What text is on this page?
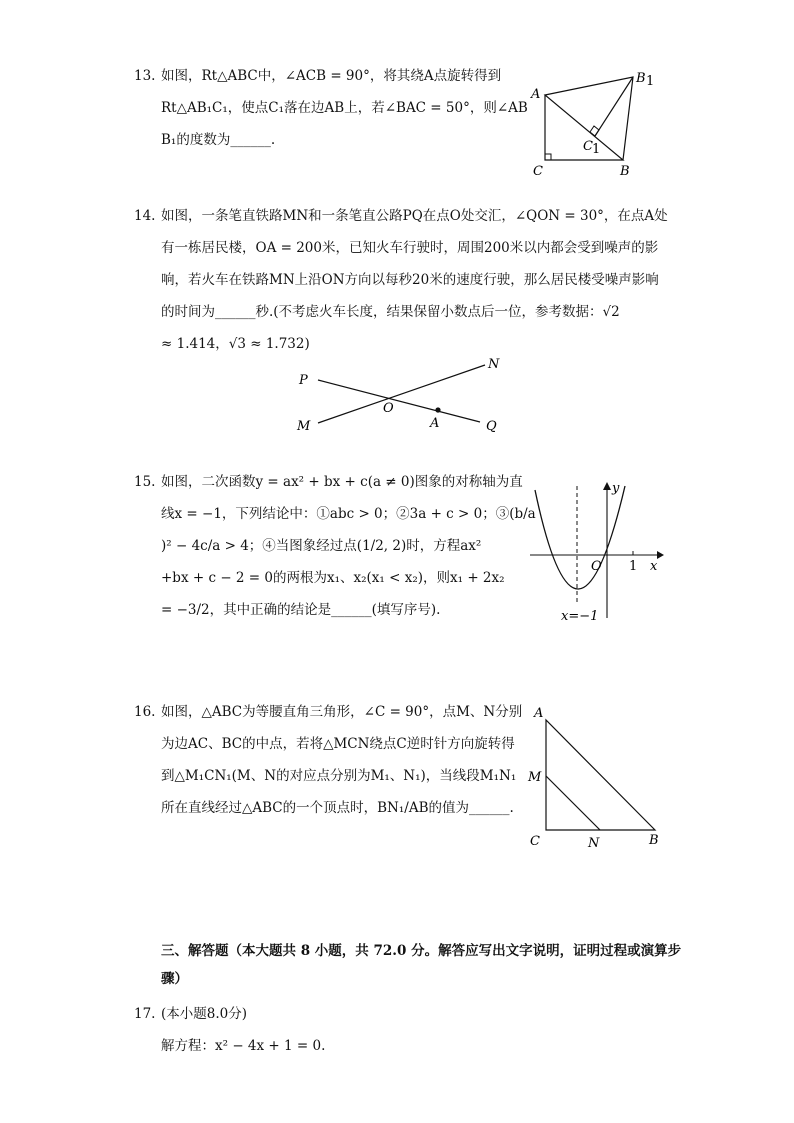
13. 如图，Rt△ABC中，∠ACB = 90°，将其绕A点旋转得到
Rt△AB₁C₁，使点C₁落在边AB上，若∠BAC = 50°，则∠AB
B₁的度数为______.
A
B 1
C	B
C 1
14. 如图，一条笔直铁路MN和一条笔直公路PQ在点O处交汇，∠QON = 30°，在点A处
有一栋居民楼，OA = 200米，已知火车行驶时，周围200米以内都会受到噪声的影
响，若火车在铁路MN上沿ON方向以每秒20米的速度行驶，那么居民楼受噪声影响
的时间为______秒.(不考虑火车长度，结果保留小数点后一位，参考数据：√2
≈ 1.414，√3 ≈ 1.732)
P
N
M
O
A	Q
15. 如图，二次函数y = ax² + bx + c(a ≠ 0)图象的对称轴为直
线x = −1，下列结论中：①abc > 0；②3a + c > 0；③(b/a
)² − 4c/a > 4；④当图象经过点(1/2, 2)时，方程ax²
+bx + c − 2 = 0的两根为x₁、x₂(x₁ < x₂)，则x₁ + 2x₂
= −3/2，其中正确的结论是______(填写序号).
y
x
O 1
x=−1
16. 如图，△ABC为等腰直角三角形，∠C = 90°，点M、N分别
为边AC、BC的中点，若将△MCN绕点C逆时针方向旋转得
到△M₁CN₁(M、N的对应点分别为M₁、N₁)，当线段M₁N₁
所在直线经过△ABC的一个顶点时，BN₁/AB的值为______.
A
M
C	N	B
三、解答题（本大题共 8 小题，共 72.0 分。解答应写出文字说明，证明过程或演算步
骤）
17. (本小题8.0分)
解方程：x² − 4x + 1 = 0.
